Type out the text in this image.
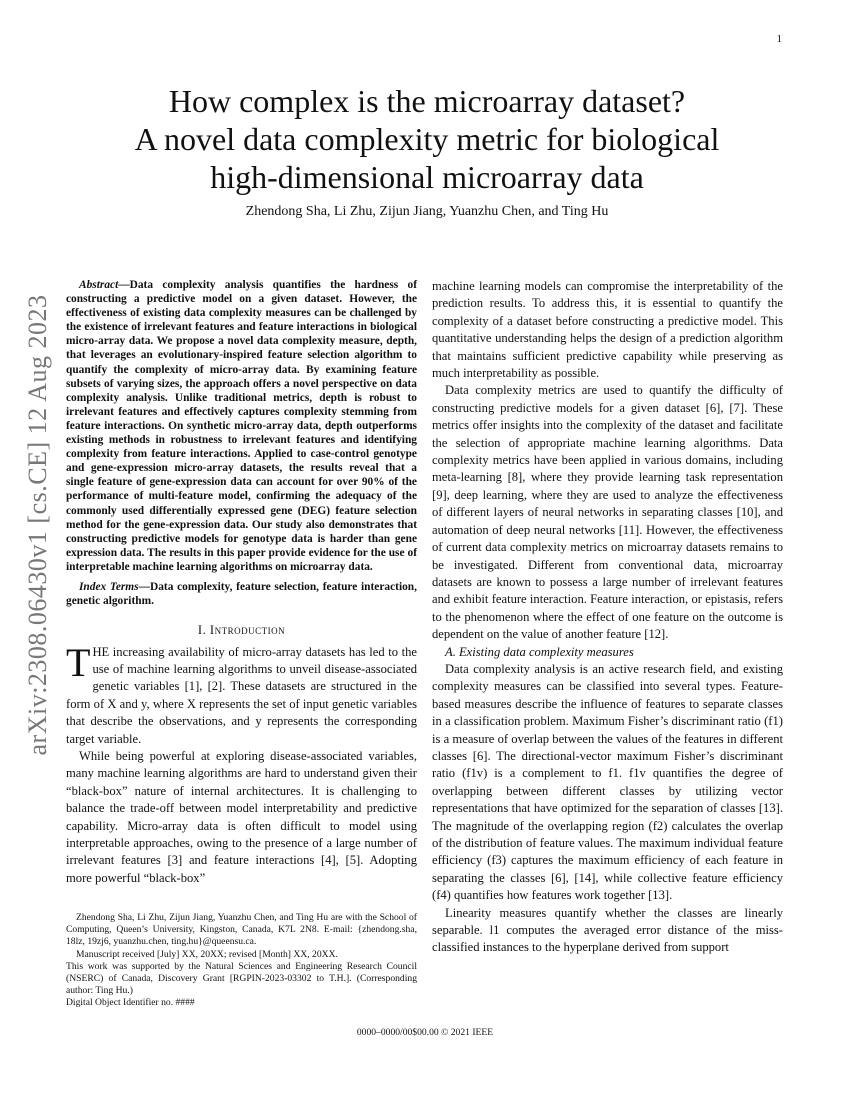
1
arXiv:2308.06430v1 [cs.CE] 12 Aug 2023
How complex is the microarray dataset?
A novel data complexity metric for biological
high-dimensional microarray data
Zhendong Sha, Li Zhu, Zijun Jiang, Yuanzhu Chen, and Ting Hu

Abstract—Data complexity analysis quantifies the hardness of constructing a predictive model on a given dataset. However, the effectiveness of existing data complexity measures can be challenged by the existence of irrelevant features and feature interactions in biological micro-array data. We propose a novel data complexity measure, depth, that leverages an evolutionary-inspired feature selection algorithm to quantify the complexity of micro-array data. By examining feature subsets of varying sizes, the approach offers a novel perspective on data complexity analysis. Unlike traditional metrics, depth is robust to irrelevant features and effectively captures complexity stemming from feature interactions. On synthetic micro-array data, depth outperforms existing methods in robustness to irrelevant features and identifying complexity from feature interactions. Applied to case-control genotype and gene-expression micro-array datasets, the results reveal that a single feature of gene-expression data can account for over 90% of the performance of multi-feature model, confirming the adequacy of the commonly used differentially expressed gene (DEG) feature selection method for the gene-expression data. Our study also demonstrates that constructing predictive models for genotype data is harder than gene expression data. The results in this paper provide evidence for the use of interpretable machine learning algorithms on microarray data.

Index Terms—Data complexity, feature selection, feature interaction, genetic algorithm.

I. Introduction

THE increasing availability of micro-array datasets has led to the use of machine learning algorithms to unveil disease-associated genetic variables [1], [2]. These datasets are structured in the form of X and y, where X represents the set of input genetic variables that describe the observations, and y represents the corresponding target variable.

While being powerful at exploring disease-associated variables, many machine learning algorithms are hard to understand given their “black-box” nature of internal architectures. It is challenging to balance the trade-off between model interpretability and predictive capability. Micro-array data is often difficult to model using interpretable approaches, owing to the presence of a large number of irrelevant features [3] and feature interactions [4], [5]. Adopting more powerful “black-box”

Zhendong Sha, Li Zhu, Zijun Jiang, Yuanzhu Chen, and Ting Hu are with the School of Computing, Queen’s University, Kingston, Canada, K7L 2N8. E-mail: {zhendong.sha, 18lz, 19zj6, yuanzhu.chen, ting.hu}@queensu.ca.

Manuscript received [July] XX, 20XX; revised [Month] XX, 20XX.

This work was supported by the Natural Sciences and Engineering Research Council (NSERC) of Canada, Discovery Grant [RGPIN-2023-03302 to T.H.]. (Corresponding author: Ting Hu.)

Digital Object Identifier no. ####

machine learning models can compromise the interpretability of the prediction results. To address this, it is essential to quantify the complexity of a dataset before constructing a predictive model. This quantitative understanding helps the design of a prediction algorithm that maintains sufficient predictive capability while preserving as much interpretability as possible.

Data complexity metrics are used to quantify the difficulty of constructing predictive models for a given dataset [6], [7]. These metrics offer insights into the complexity of the dataset and facilitate the selection of appropriate machine learning algorithms. Data complexity metrics have been applied in various domains, including meta-learning [8], where they provide learning task representation [9], deep learning, where they are used to analyze the effectiveness of different layers of neural networks in separating classes [10], and automation of deep neural networks [11]. However, the effectiveness of current data complexity metrics on microarray datasets remains to be investigated. Different from conventional data, microarray datasets are known to possess a large number of irrelevant features and exhibit feature interaction. Feature interaction, or epistasis, refers to the phenomenon where the effect of one feature on the outcome is dependent on the value of another feature [12].

A. Existing data complexity measures

Data complexity analysis is an active research field, and existing complexity measures can be classified into several types. Feature-based measures describe the influence of features to separate classes in a classification problem. Maximum Fisher’s discriminant ratio (f1) is a measure of overlap between the values of the features in different classes [6]. The directional-vector maximum Fisher’s discriminant ratio (f1v) is a complement to f1. f1v quantifies the degree of overlapping between different classes by utilizing vector representations that have optimized for the separation of classes [13]. The magnitude of the overlapping region (f2) calculates the overlap of the distribution of feature values. The maximum individual feature efficiency (f3) captures the maximum efficiency of each feature in separating the classes [6], [14], while collective feature efficiency (f4) quantifies how features work together [13].

Linearity measures quantify whether the classes are linearly separable. l1 computes the averaged error distance of the miss-classified instances to the hyperplane derived from support

0000–0000/00$00.00 © 2021 IEEE
